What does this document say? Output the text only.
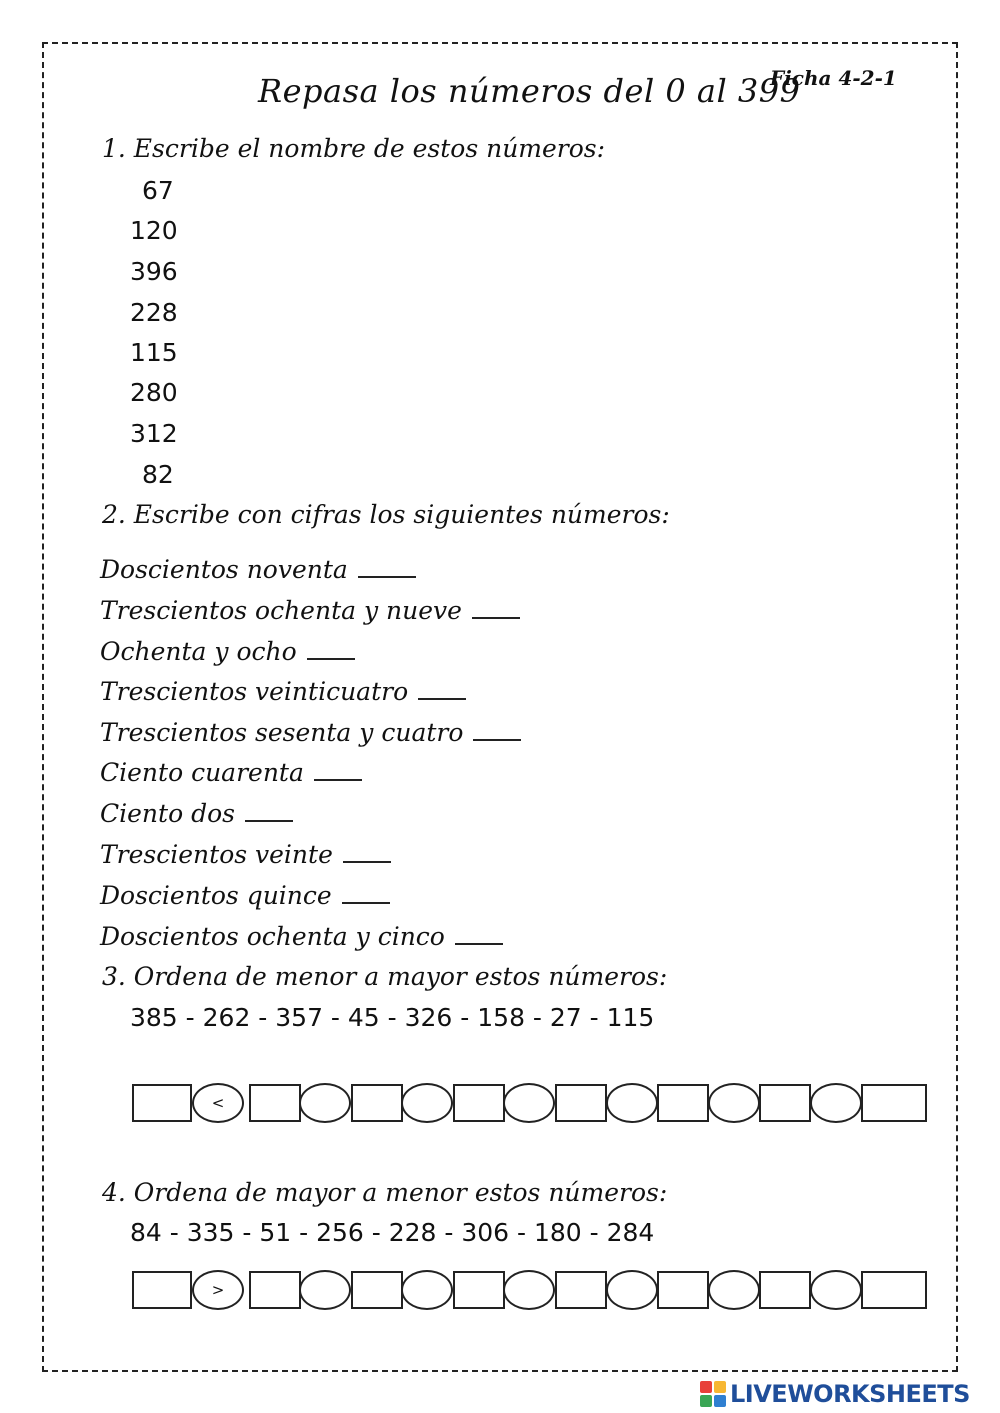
Repasa los números del 0 al 399
Ficha 4-2-1
1. Escribe el nombre de estos números:
67
120
396
228
115
280
312
82
2. Escribe con cifras los siguientes números:
Doscientos noventa
Trescientos ochenta y nueve
Ochenta y ocho
Trescientos veinticuatro
Trescientos sesenta y cuatro
Ciento cuarenta
Ciento dos
Trescientos veinte
Doscientos quince
Doscientos ochenta y cinco
3. Ordena de menor a mayor estos números:
385 - 262 - 357 - 45 - 326 - 158 - 27 - 115
<
4. Ordena de mayor a menor estos números:
84 - 335 - 51 - 256 - 228 - 306 - 180 - 284
>
LIVEWORKSHEETS
